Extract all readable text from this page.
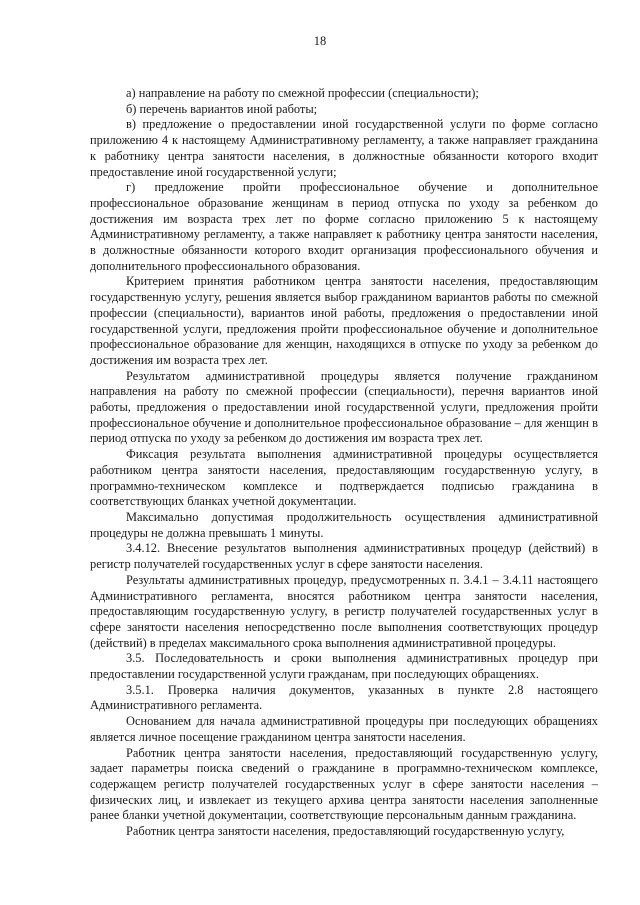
18

а) направление на работу по смежной профессии (специальности);

б) перечень вариантов иной работы;

в) предложение о предоставлении иной государственной услуги по форме согласно приложению 4 к настоящему Административному регламенту, а также направляет гражданина к работнику центра занятости населения, в должностные обязанности которого входит предоставление иной государственной услуги;

г) предложение пройти профессиональное обучение и дополнительное профессиональное образование женщинам в период отпуска по уходу за ребенком до достижения им возраста трех лет по форме согласно приложению 5 к настоящему Административному регламенту, а также направляет к работнику центра занятости населения, в должностные обязанности которого входит организация профессионального обучения и дополнительного профессионального образования.

Критерием принятия работником центра занятости населения, предоставляющим государственную услугу, решения является выбор гражданином вариантов работы по смежной профессии (специальности), вариантов иной работы, предложения о предоставлении иной государственной услуги, предложения пройти профессиональное обучение и дополнительное профессиональное образование для женщин, находящихся в отпуске по уходу за ребенком до достижения им возраста трех лет.

Результатом административной процедуры является получение гражданином направления на работу по смежной профессии (специальности), перечня вариантов иной работы, предложения о предоставлении иной государственной услуги, предложения пройти профессиональное обучение и дополнительное профессиональное образование – для женщин в период отпуска по уходу за ребенком до достижения им возраста трех лет.

Фиксация результата выполнения административной процедуры осуществляется работником центра занятости населения, предоставляющим государственную услугу, в программно-техническом комплексе и подтверждается подписью гражданина в соответствующих бланках учетной документации.

Максимально допустимая продолжительность осуществления административной процедуры не должна превышать 1 минуты.

3.4.12. Внесение результатов выполнения административных процедур (действий) в регистр получателей государственных услуг в сфере занятости населения.

Результаты административных процедур, предусмотренных п. 3.4.1 – 3.4.11 настоящего Административного регламента, вносятся работником центра занятости населения, предоставляющим государственную услугу, в регистр получателей государственных услуг в сфере занятости населения непосредственно после выполнения соответствующих процедур (действий) в пределах максимального срока выполнения административной процедуры.

3.5. Последовательность и сроки выполнения административных процедур при предоставлении государственной услуги гражданам, при последующих обращениях.

3.5.1. Проверка наличия документов, указанных в пункте 2.8 настоящего Административного регламента.

Основанием для начала административной процедуры при последующих обращениях является личное посещение гражданином центра занятости населения.

Работник центра занятости населения, предоставляющий государственную услугу, задает параметры поиска сведений о гражданине в программно-техническом комплексе, содержащем регистр получателей государственных услуг в сфере занятости населения – физических лиц, и извлекает из текущего архива центра занятости населения заполненные ранее бланки учетной документации, соответствующие персональным данным гражданина.

Работник центра занятости населения, предоставляющий государственную услугу,
